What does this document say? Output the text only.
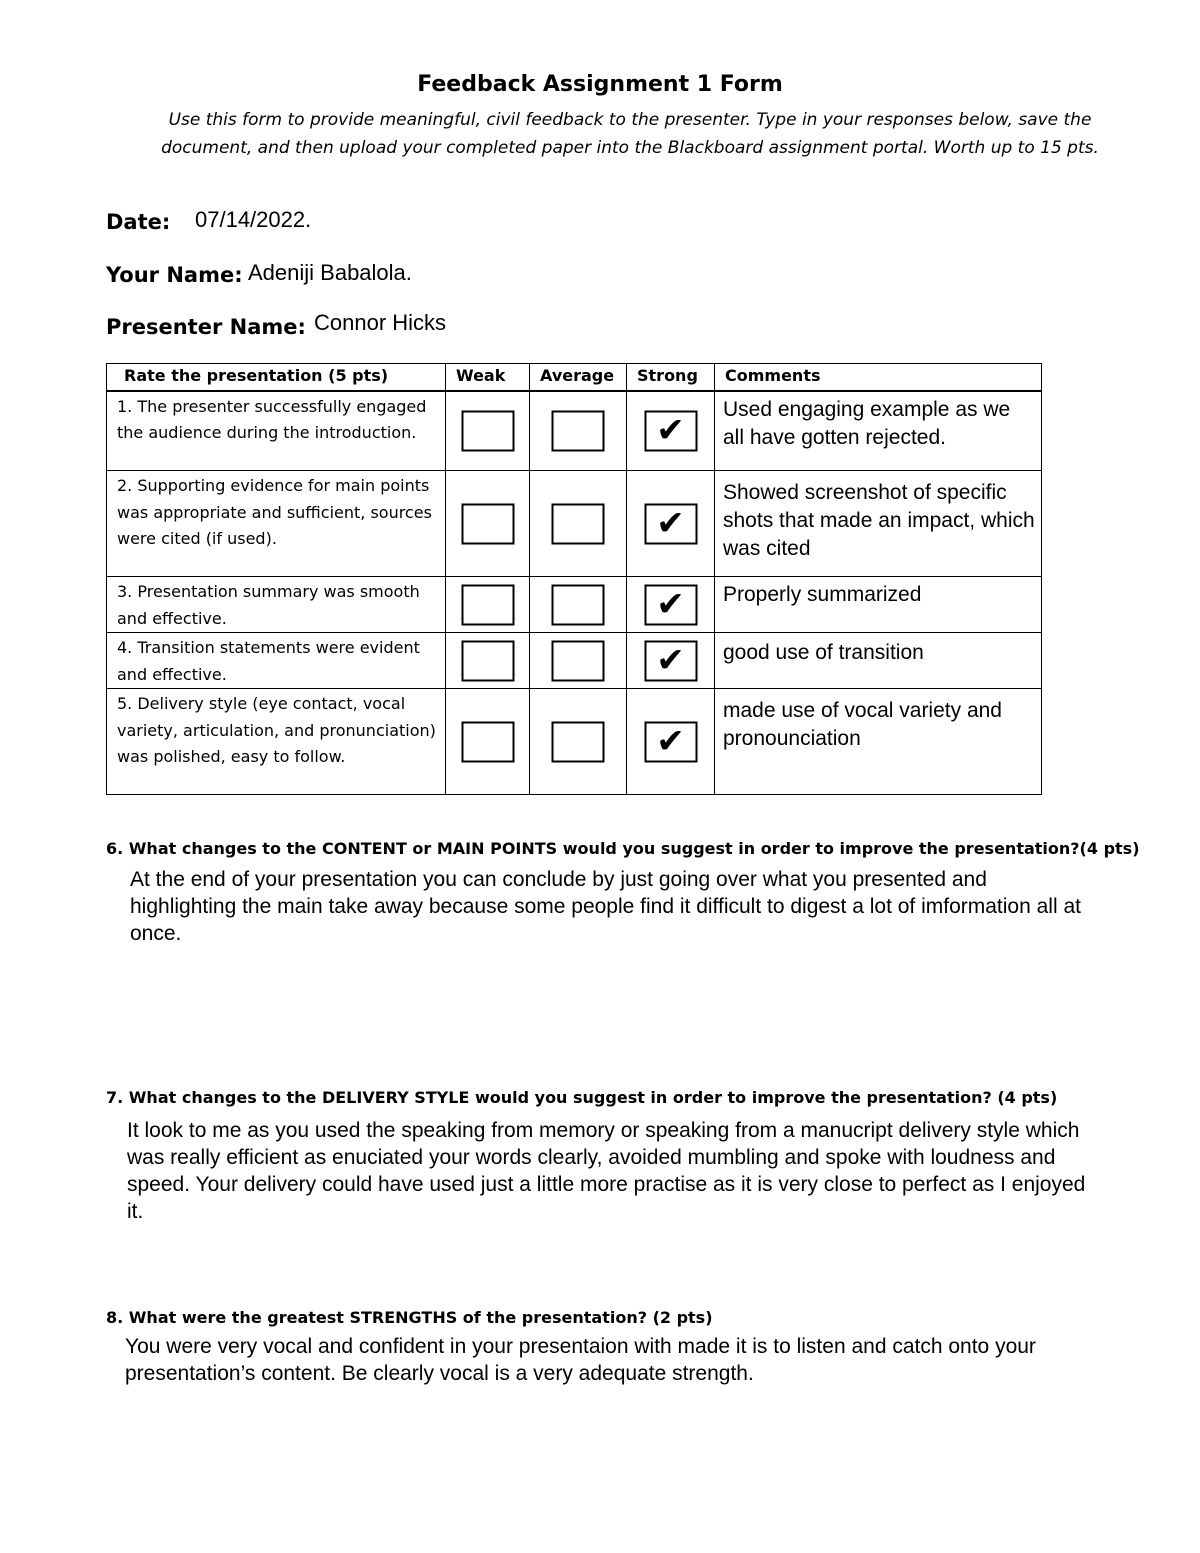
Feedback Assignment 1 Form
Use this form to provide meaningful, civil feedback to the presenter. Type in your responses below, save the document, and then upload your completed paper into the Blackboard assignment portal. Worth up to 15 pts.
Date: 07/14/2022.
Your Name: Adeniji Babalola.
Presenter Name: Connor Hicks
Rate the presentation (5 pts)	Weak	Average	Strong	Comments
1. The presenter successfully engaged the audience during the introduction.			✔	Used engaging example as we all have gotten rejected.
2. Supporting evidence for main points was appropriate and sufficient, sources were cited (if used).			✔	Showed screenshot of specific shots that made an impact, which was cited
3. Presentation summary was smooth and effective.			✔	Properly summarized
4. Transition statements were evident and effective.			✔	good use of transition
5. Delivery style (eye contact, vocal variety, articulation, and pronunciation) was polished, easy to follow.			✔	made use of vocal variety and pronounciation
6. What changes to the CONTENT or MAIN POINTS would you suggest in order to improve the presentation?(4 pts)
At the end of your presentation you can conclude by just going over what you presented and highlighting the main take away because some people find it difficult to digest a lot of imformation all at once.
7. What changes to the DELIVERY STYLE would you suggest in order to improve the presentation? (4 pts)
It look to me as you used the speaking from memory or speaking from a manucript delivery style which was really efficient as enuciated your words clearly, avoided mumbling and spoke with loudness and speed. Your delivery could have used just a little more practise as it is very close to perfect as I enjoyed it.
8. What were the greatest STRENGTHS of the presentation? (2 pts)
You were very vocal and confident in your presentaion with made it is to listen and catch onto your presentation’s content. Be clearly vocal is a very adequate strength.
